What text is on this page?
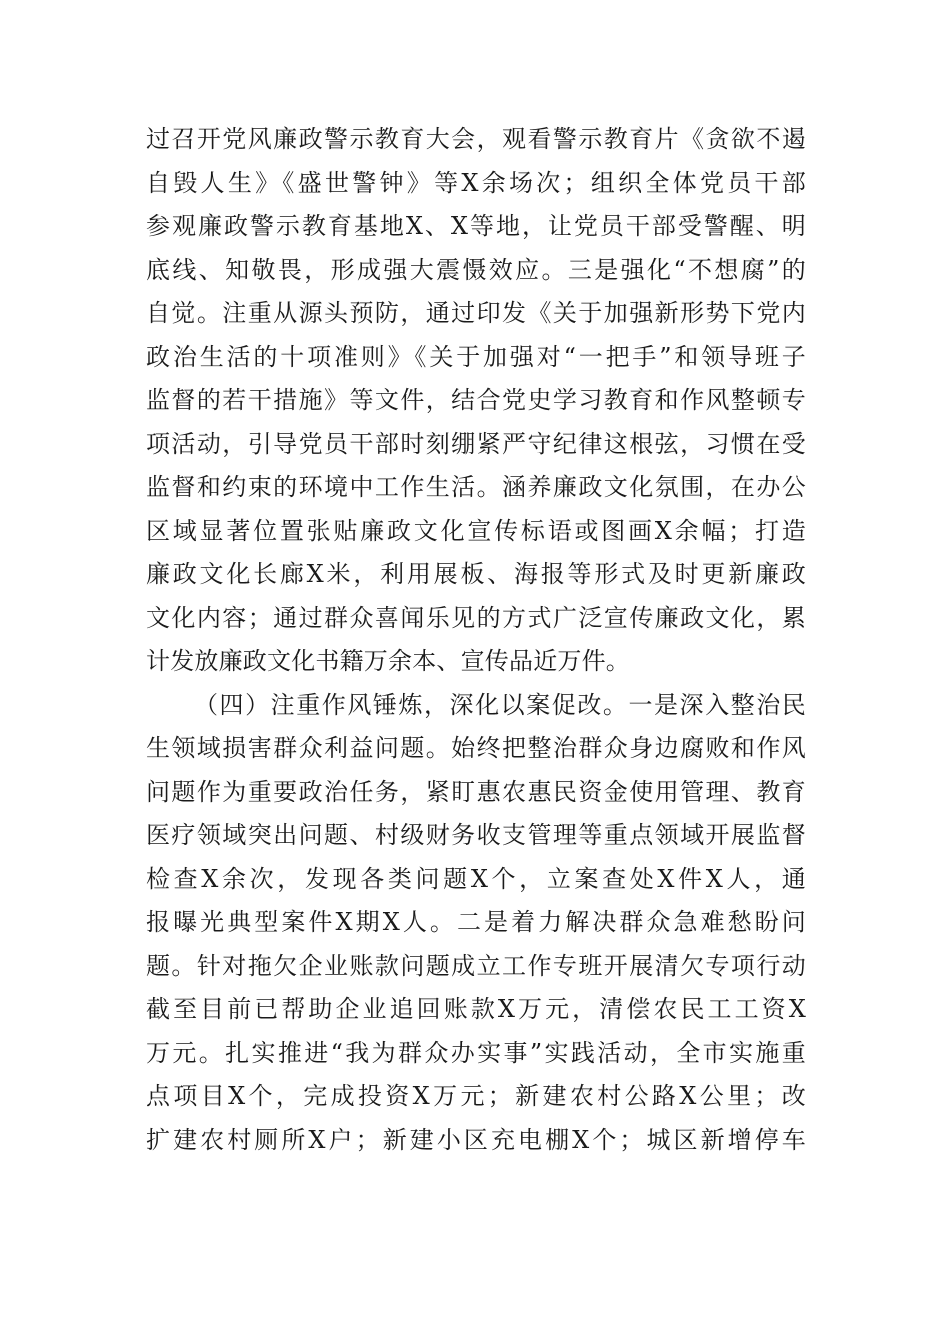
过召开党风廉政警示教育大会，观看警示教育片《贪欲不遏
自毁人生》《盛世警钟》等X余场次；组织全体党员干部
参观廉政警示教育基地X、X等地，让党员干部受警醒、明
底线、知敬畏，形成强大震慑效应。三是强化“不想腐”的
自觉。注重从源头预防，通过印发《关于加强新形势下党内
政治生活的十项准则》《关于加强对“一把手”和领导班子
监督的若干措施》等文件，结合党史学习教育和作风整顿专
项活动，引导党员干部时刻绷紧严守纪律这根弦，习惯在受
监督和约束的环境中工作生活。涵养廉政文化氛围，在办公
区域显著位置张贴廉政文化宣传标语或图画X余幅；打造
廉政文化长廊X米，利用展板、海报等形式及时更新廉政
文化内容；通过群众喜闻乐见的方式广泛宣传廉政文化，累
计发放廉政文化书籍万余本、宣传品近万件。
（四）注重作风锤炼，深化以案促改。一是深入整治民
生领域损害群众利益问题。始终把整治群众身边腐败和作风
问题作为重要政治任务，紧盯惠农惠民资金使用管理、教育
医疗领域突出问题、村级财务收支管理等重点领域开展监督
检查X余次，发现各类问题X个，立案查处X件X人，通
报曝光典型案件X期X人。二是着力解决群众急难愁盼问
题。针对拖欠企业账款问题成立工作专班开展清欠专项行动
截至目前已帮助企业追回账款X万元，清偿农民工工资X
万元。扎实推进“我为群众办实事”实践活动，全市实施重
点项目X个，完成投资X万元；新建农村公路X公里；改
扩建农村厕所X户；新建小区充电棚X个；城区新增停车
